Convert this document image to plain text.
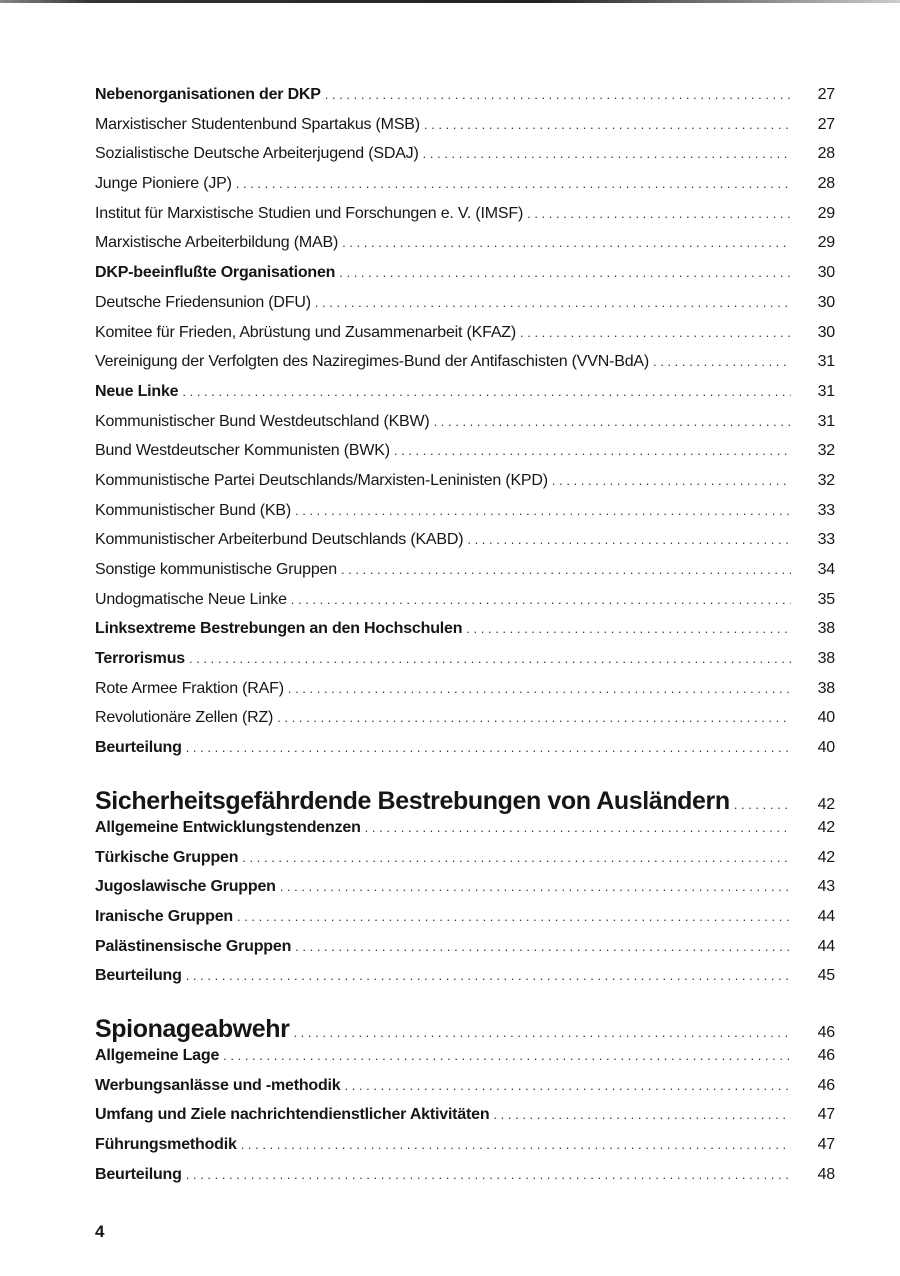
Nebenorganisationen der DKP . . .	27
Marxistischer Studentenbund Spartakus (MSB) . . .	27
Sozialistische Deutsche Arbeiterjugend (SDAJ) . . .	28
Junge Pioniere (JP) . . .	28
Institut für Marxistische Studien und Forschungen e. V. (IMSF) . . .	29
Marxistische Arbeiterbildung (MAB) . . .	29
DKP-beeinflußte Organisationen . . .	30
Deutsche Friedensunion (DFU) . . .	30
Komitee für Frieden, Abrüstung und Zusammenarbeit (KFAZ) . . .	30
Vereinigung der Verfolgten des Naziregimes-Bund der Antifaschisten (VVN-BdA) . . .	31
Neue Linke . . .	31
Kommunistischer Bund Westdeutschland (KBW) . . .	31
Bund Westdeutscher Kommunisten (BWK) . . .	32
Kommunistische Partei Deutschlands/Marxisten-Leninisten (KPD) . . .	32
Kommunistischer Bund (KB) . . .	33
Kommunistischer Arbeiterbund Deutschlands (KABD) . . .	33
Sonstige kommunistische Gruppen . . .	34
Undogmatische Neue Linke . . .	35
Linksextreme Bestrebungen an den Hochschulen . . .	38
Terrorismus . . .	38
Rote Armee Fraktion (RAF) . . .	38
Revolutionäre Zellen (RZ) . . .	40
Beurteilung . . .	40
Sicherheitsgefährdende Bestrebungen von Ausländern . . .	42
Allgemeine Entwicklungstendenzen . . .	42
Türkische Gruppen . . .	42
Jugoslawische Gruppen . . .	43
Iranische Gruppen . . .	44
Palästinensische Gruppen . . .	44
Beurteilung . . .	45
Spionageabwehr . . .	46
Allgemeine Lage . . .	46
Werbungsanlässe und -methodik . . .	46
Umfang und Ziele nachrichtendienstlicher Aktivitäten . . .	47
Führungsmethodik . . .	47
Beurteilung . . .	48
4
